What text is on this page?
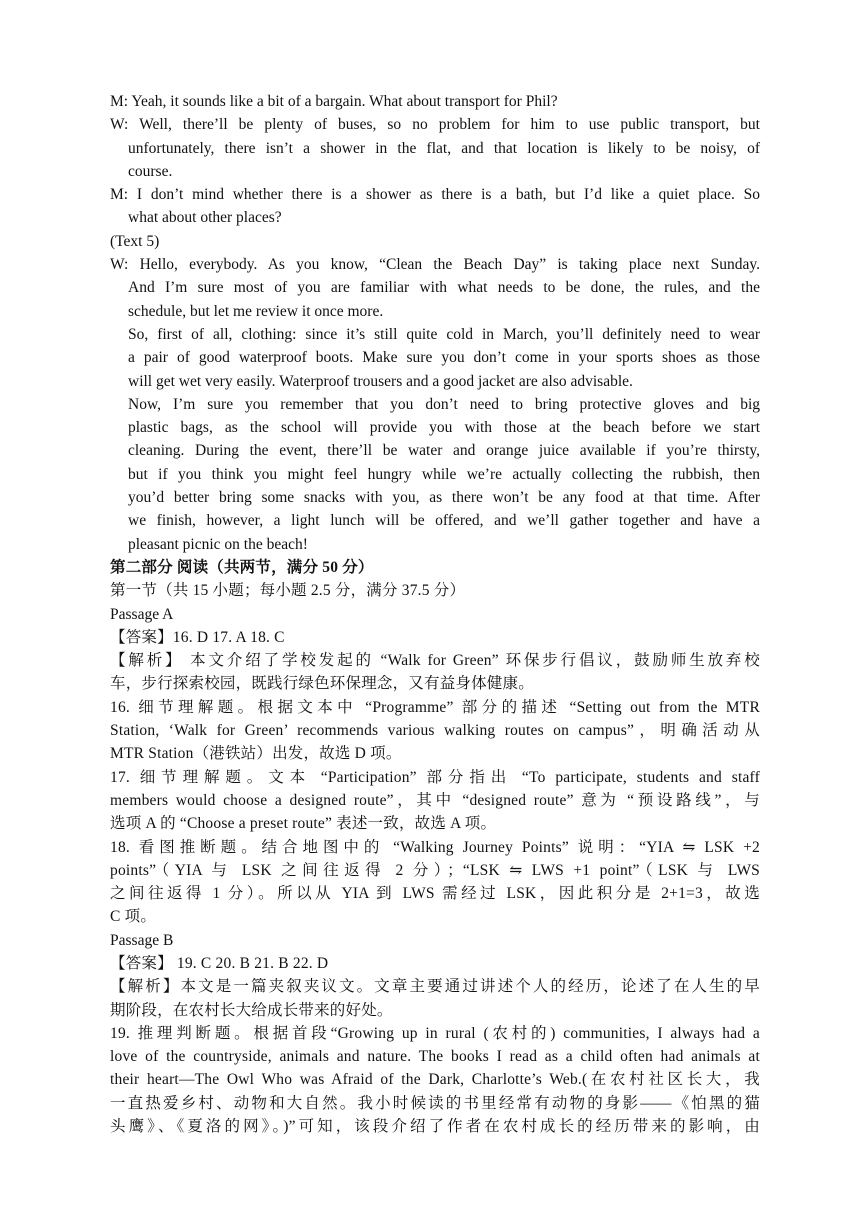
M: Yeah, it sounds like a bit of a bargain. What about transport for Phil?
W: Well, there’ll be plenty of buses, so no problem for him to use public transport, but
unfortunately, there isn’t a shower in the flat, and that location is likely to be noisy, of
course.
M: I don’t mind whether there is a shower as there is a bath, but I’d like a quiet place. So
what about other places?
(Text 5)
W: Hello, everybody. As you know, “Clean the Beach Day” is taking place next Sunday.
And I’m sure most of you are familiar with what needs to be done, the rules, and the
schedule, but let me review it once more.
So, first of all, clothing: since it’s still quite cold in March, you’ll definitely need to wear
a pair of good waterproof boots. Make sure you don’t come in your sports shoes as those
will get wet very easily. Waterproof trousers and a good jacket are also advisable.
Now, I’m sure you remember that you don’t need to bring protective gloves and big
plastic bags, as the school will provide you with those at the beach before we start
cleaning. During the event, there’ll be water and orange juice available if you’re thirsty,
but if you think you might feel hungry while we’re actually collecting the rubbish, then
you’d better bring some snacks with you, as there won’t be any food at that time. After
we finish, however, a light lunch will be offered, and we’ll gather together and have a
pleasant picnic on the beach!
第二部分 阅读（共两节，满分 50 分）
第一节（共 15 小题；每小题 2.5 分，满分 37.5 分）
Passage A
【答案】16. D 17. A 18. C
【解析】 本文介绍了学校发起的 “Walk for Green” 环保步行倡议，鼓励师生放弃校
车，步行探索校园，既践行绿色环保理念，又有益身体健康。
16. 细节理解题。根据文本中 “Programme” 部分的描述 “Setting out from the MTR
Station, ‘Walk for Green’ recommends various walking routes on campus”，明确活动从
MTR Station（港铁站）出发，故选 D 项。
17. 细节理解题。文本 “Participation” 部分指出 “To participate, students and staff
members would choose a designed route”，其中 “designed route” 意为 “预设路线”，与
选项 A 的 “Choose a preset route” 表述一致，故选 A 项。
18. 看图推断题。结合地图中的 “Walking Journey Points” 说明：“YIA ⇋ LSK +2
points”（YIA 与 LSK 之间往返得 2 分）；“LSK ⇋ LWS +1 point”（LSK 与 LWS
之间往返得 1 分）。所以从 YIA 到 LWS 需经过 LSK，因此积分是 2+1=3，故选
C 项。
Passage B
【答案】 19. C 20. B 21. B 22. D
【解析】本文是一篇夹叙夹议文。文章主要通过讲述个人的经历，论述了在人生的早
期阶段，在农村长大给成长带来的好处。
19. 推理判断题。根据首段“Growing up in rural (农村的) communities, I always had a
love of the countryside, animals and nature. The books I read as a child often had animals at
their heart—The Owl Who was Afraid of the Dark, Charlotte’s Web.(在农村社区长大，我
一直热爱乡村、动物和大自然。我小时候读的书里经常有动物的身影——《怕黑的猫
头鹰》、《夏洛的网》。)”可知，该段介绍了作者在农村成长的经历带来的影响，由
